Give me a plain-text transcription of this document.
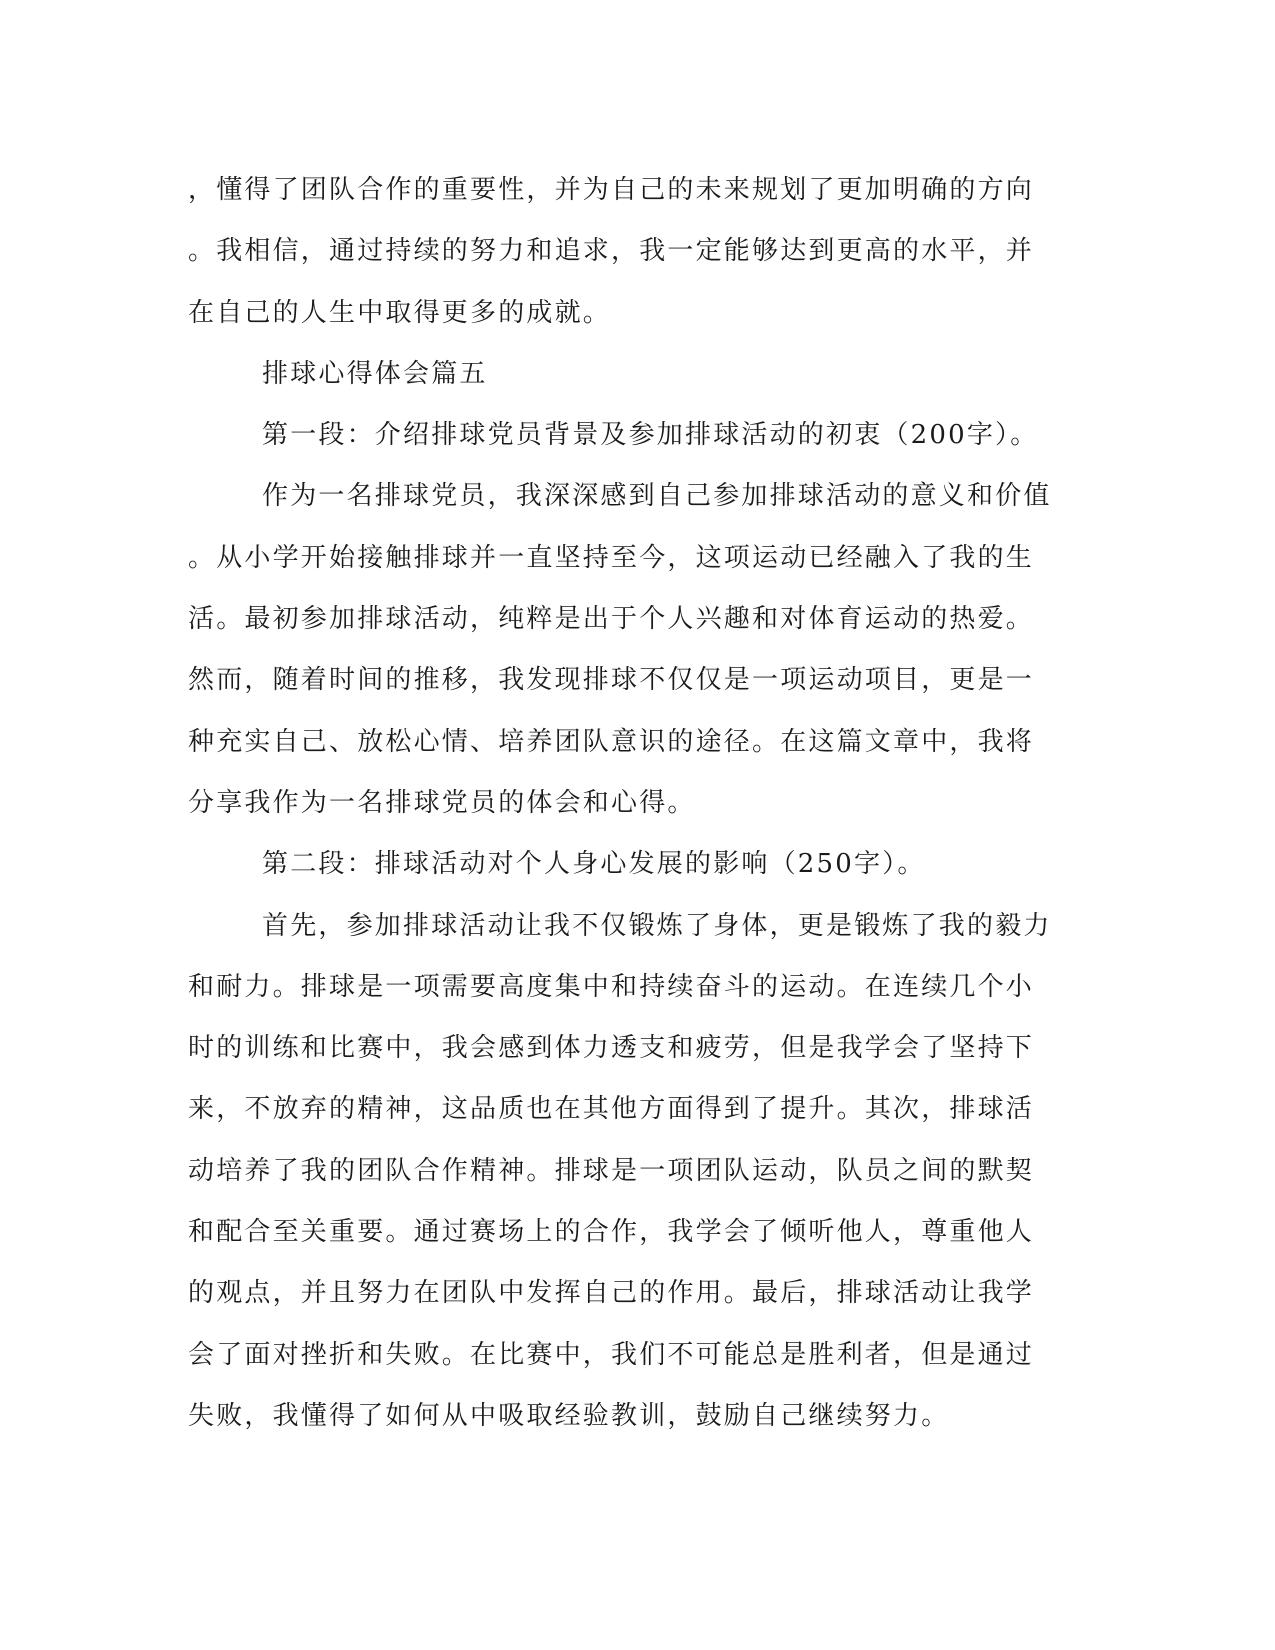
，懂得了团队合作的重要性，并为自己的未来规划了更加明确的方向
。我相信，通过持续的努力和追求，我一定能够达到更高的水平，并
在自己的人生中取得更多的成就。
排球心得体会篇五
第一段：介绍排球党员背景及参加排球活动的初衷（200字）。
作为一名排球党员，我深深感到自己参加排球活动的意义和价值
。从小学开始接触排球并一直坚持至今，这项运动已经融入了我的生
活。最初参加排球活动，纯粹是出于个人兴趣和对体育运动的热爱。
然而，随着时间的推移，我发现排球不仅仅是一项运动项目，更是一
种充实自己、放松心情、培养团队意识的途径。在这篇文章中，我将
分享我作为一名排球党员的体会和心得。
第二段：排球活动对个人身心发展的影响（250字）。
首先，参加排球活动让我不仅锻炼了身体，更是锻炼了我的毅力
和耐力。排球是一项需要高度集中和持续奋斗的运动。在连续几个小
时的训练和比赛中，我会感到体力透支和疲劳，但是我学会了坚持下
来，不放弃的精神，这品质也在其他方面得到了提升。其次，排球活
动培养了我的团队合作精神。排球是一项团队运动，队员之间的默契
和配合至关重要。通过赛场上的合作，我学会了倾听他人，尊重他人
的观点，并且努力在团队中发挥自己的作用。最后，排球活动让我学
会了面对挫折和失败。在比赛中，我们不可能总是胜利者，但是通过
失败，我懂得了如何从中吸取经验教训，鼓励自己继续努力。
